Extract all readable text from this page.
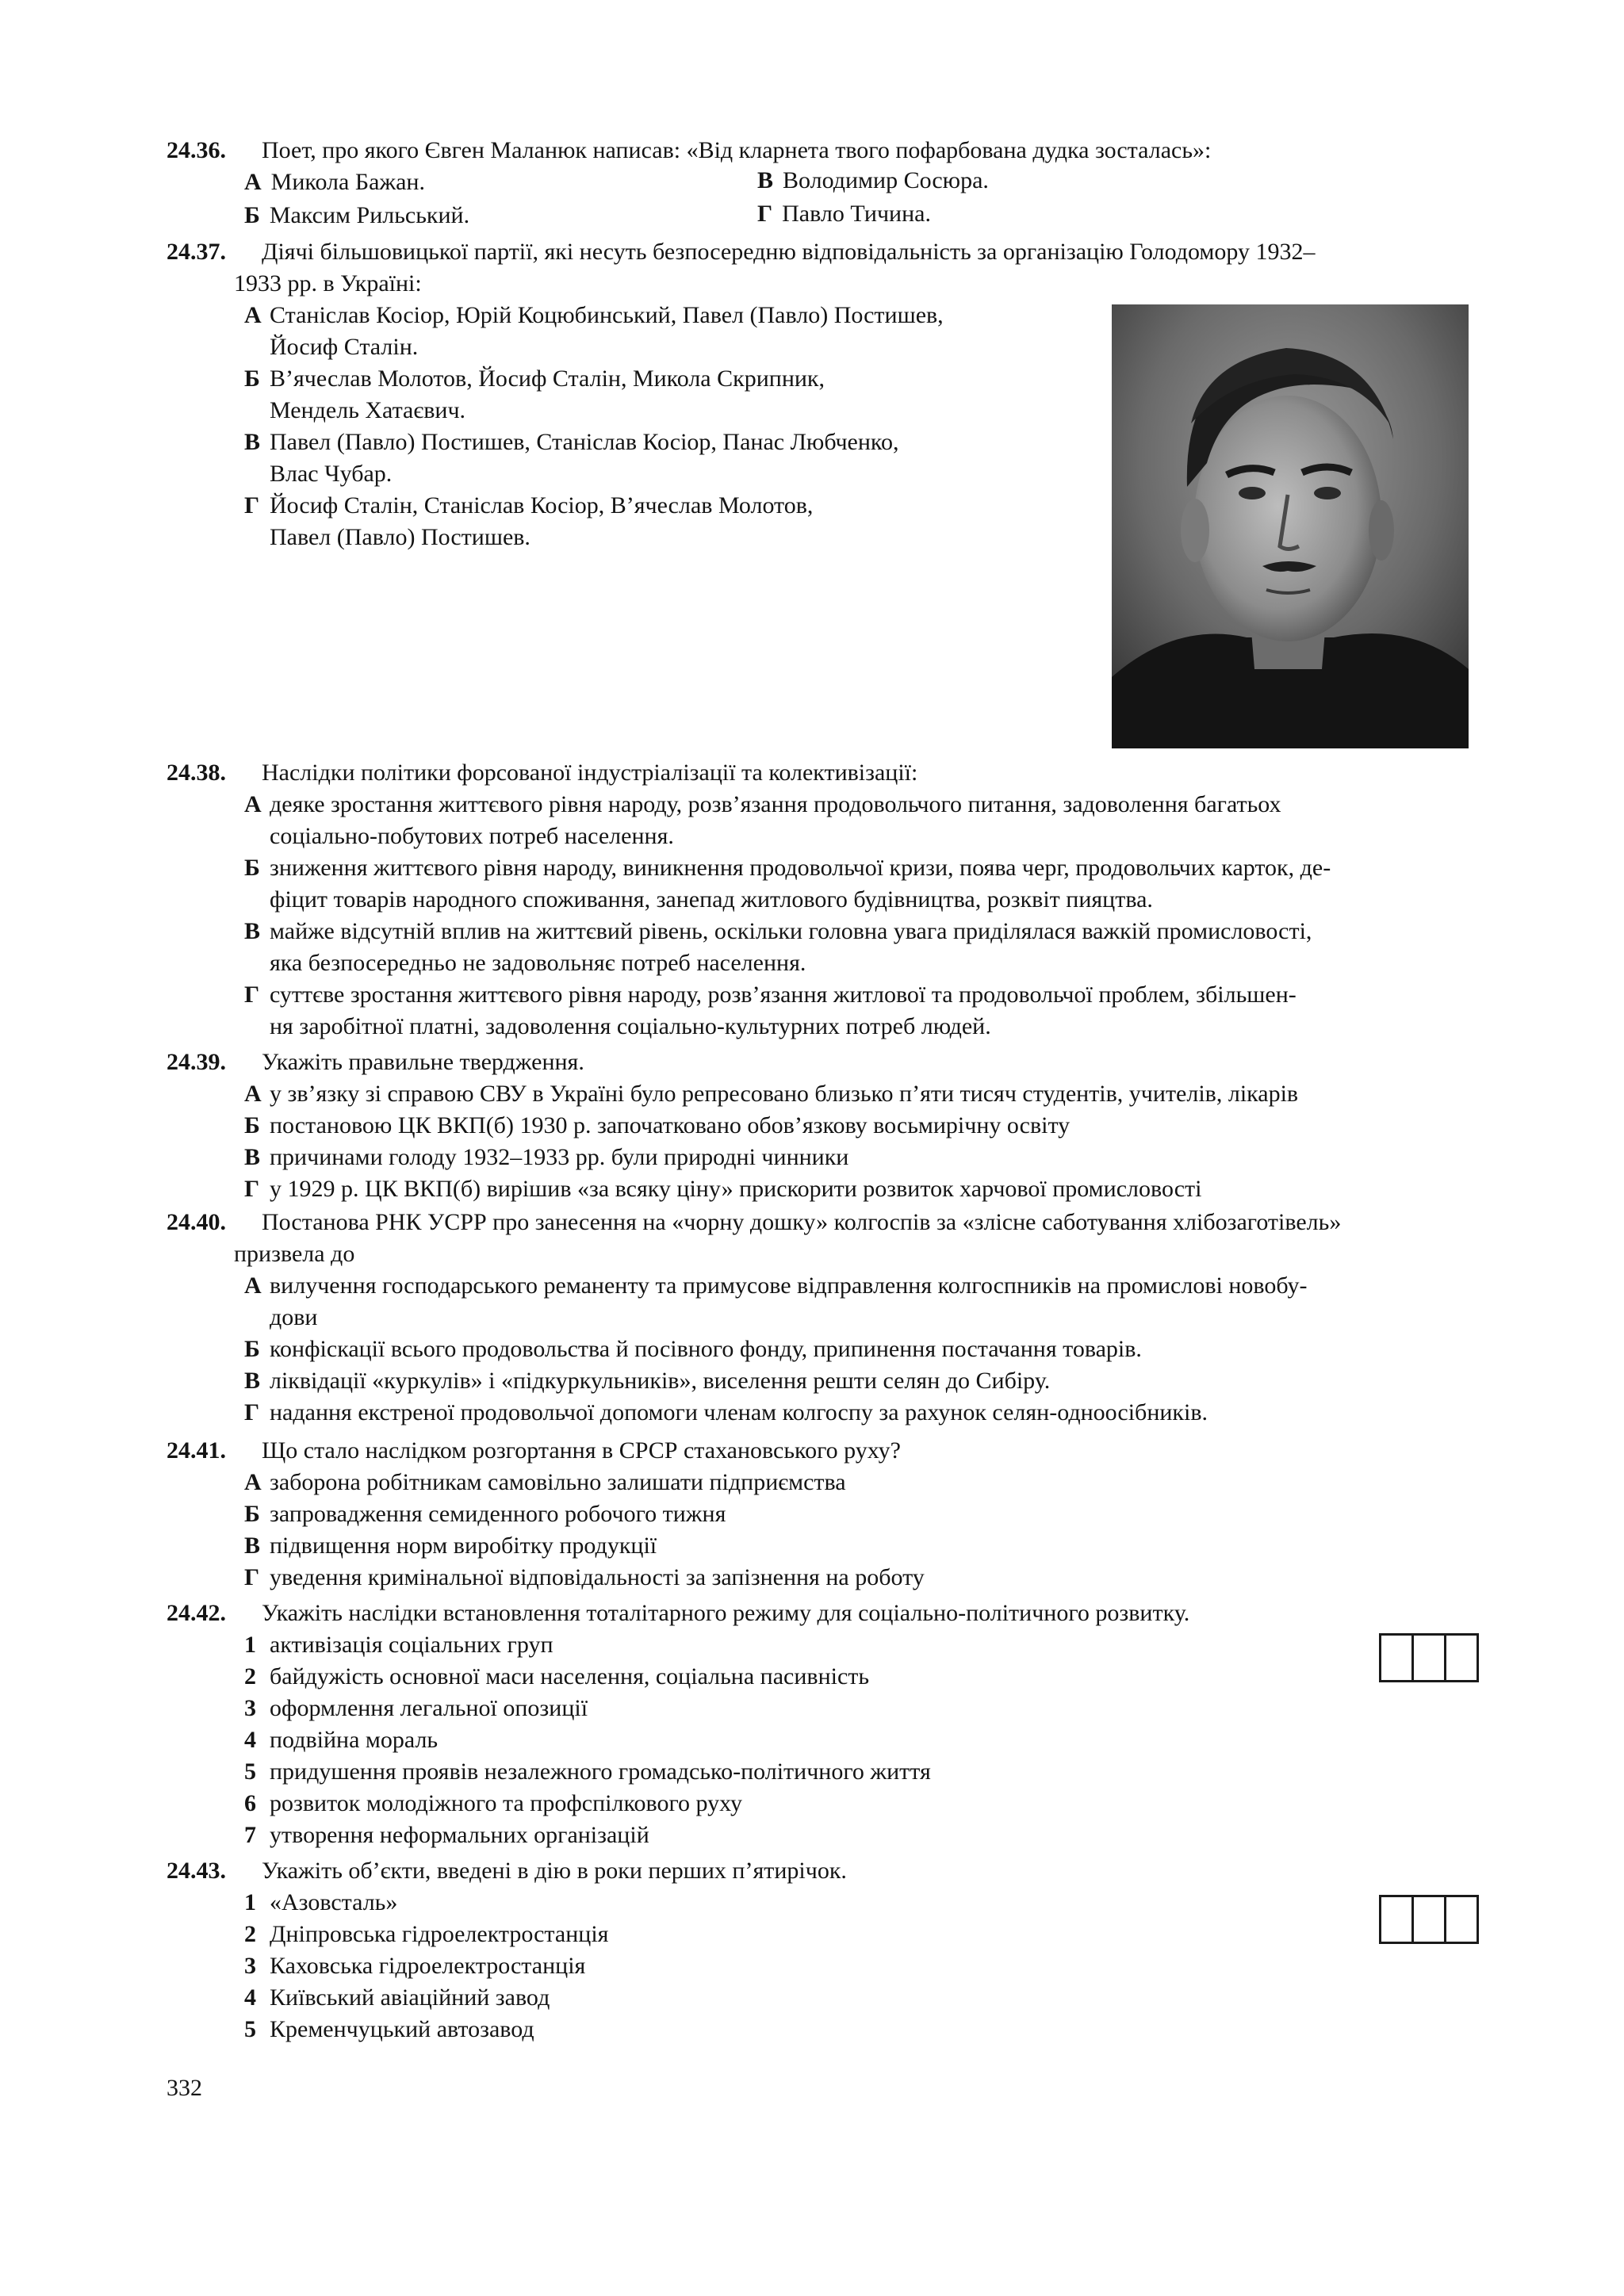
24.36. Поет, про якого Євген Маланюк написав: «Від кларнета твого пофарбована дудка зосталась»:
А Микола Бажан.	В Володимир Сосюра.
Б Максим Рильський.	Г Павло Тичина.
24.37. Діячі більшовицької партії, які несуть безпосередню відповідальність за організацію Голодомору 1932–
1933 рр. в Україні:
А Станіслав Косіор, Юрій Коцюбинський, Павел (Павло) Постишев,
Йосиф Сталін.
Б В’ячеслав Молотов, Йосиф Сталін, Микола Скрипник,
Мендель Хатаєвич.
В Павел (Павло) Постишев, Станіслав Косіор, Панас Любченко,
Влас Чубар.
Г Йосиф Сталін, Станіслав Косіор, В’ячеслав Молотов,
Павел (Павло) Постишев.
24.38. Наслідки політики форсованої індустріалізації та колективізації:
А деяке зростання життєвого рівня народу, розв’язання продовольчого питання, задоволення багатьох
соціально-побутових потреб населення.
Б зниження життєвого рівня народу, виникнення продовольчої кризи, поява черг, продовольчих карток, де-
фіцит товарів народного споживання, занепад житлового будівництва, розквіт пияцтва.
В майже відсутній вплив на життєвий рівень, оскільки головна увага приділялася важкій промисловості,
яка безпосередньо не задовольняє потреб населення.
Г суттєве зростання життєвого рівня народу, розв’язання житлової та продовольчої проблем, збільшен-
ня заробітної платні, задоволення соціально-культурних потреб людей.
24.39. Укажіть правильне твердження.
А у зв’язку зі справою СВУ в Україні було репресовано близько п’яти тисяч студентів, учителів, лікарів
Б постановою ЦК ВКП(б) 1930 р. започатковано обов’язкову восьмирічну освіту
В причинами голоду 1932–1933 рр. були природні чинники
Г у 1929 р. ЦК ВКП(б) вирішив «за всяку ціну» прискорити розвиток харчової промисловості
24.40. Постанова РНК УСРР про занесення на «чорну дошку» колгоспів за «злісне саботування хлібозаготівель»
призвела до
А вилучення господарського реманенту та примусове відправлення колгоспників на промислові новобу-
дови
Б конфіскації всього продовольства й посівного фонду, припинення постачання товарів.
В ліквідації «куркулів» і «підкуркульників», виселення решти селян до Сибіру.
Г надання екстреної продовольчої допомоги членам колгоспу за рахунок селян-одноосібників.
24.41. Що стало наслідком розгортання в СРСР стахановського руху?
А заборона робітникам самовільно залишати підприємства
Б запровадження семиденного робочого тижня
В підвищення норм виробітку продукції
Г уведення кримінальної відповідальності за запізнення на роботу
24.42. Укажіть наслідки встановлення тоталітарного режиму для соціально-політичного розвитку.
1 активізація соціальних груп
2 байдужість основної маси населення, соціальна пасивність
3 оформлення легальної опозиції
4 подвійна мораль
5 придушення проявів незалежного громадсько-політичного життя
6 розвиток молодіжного та профспілкового руху
7 утворення неформальних організацій
24.43. Укажіть об’єкти, введені в дію в роки перших п’ятирічок.
1 «Азовсталь»
2 Дніпровська гідроелектростанція
3 Каховська гідроелектростанція
4 Київський авіаційний завод
5 Кременчуцький автозавод
332
